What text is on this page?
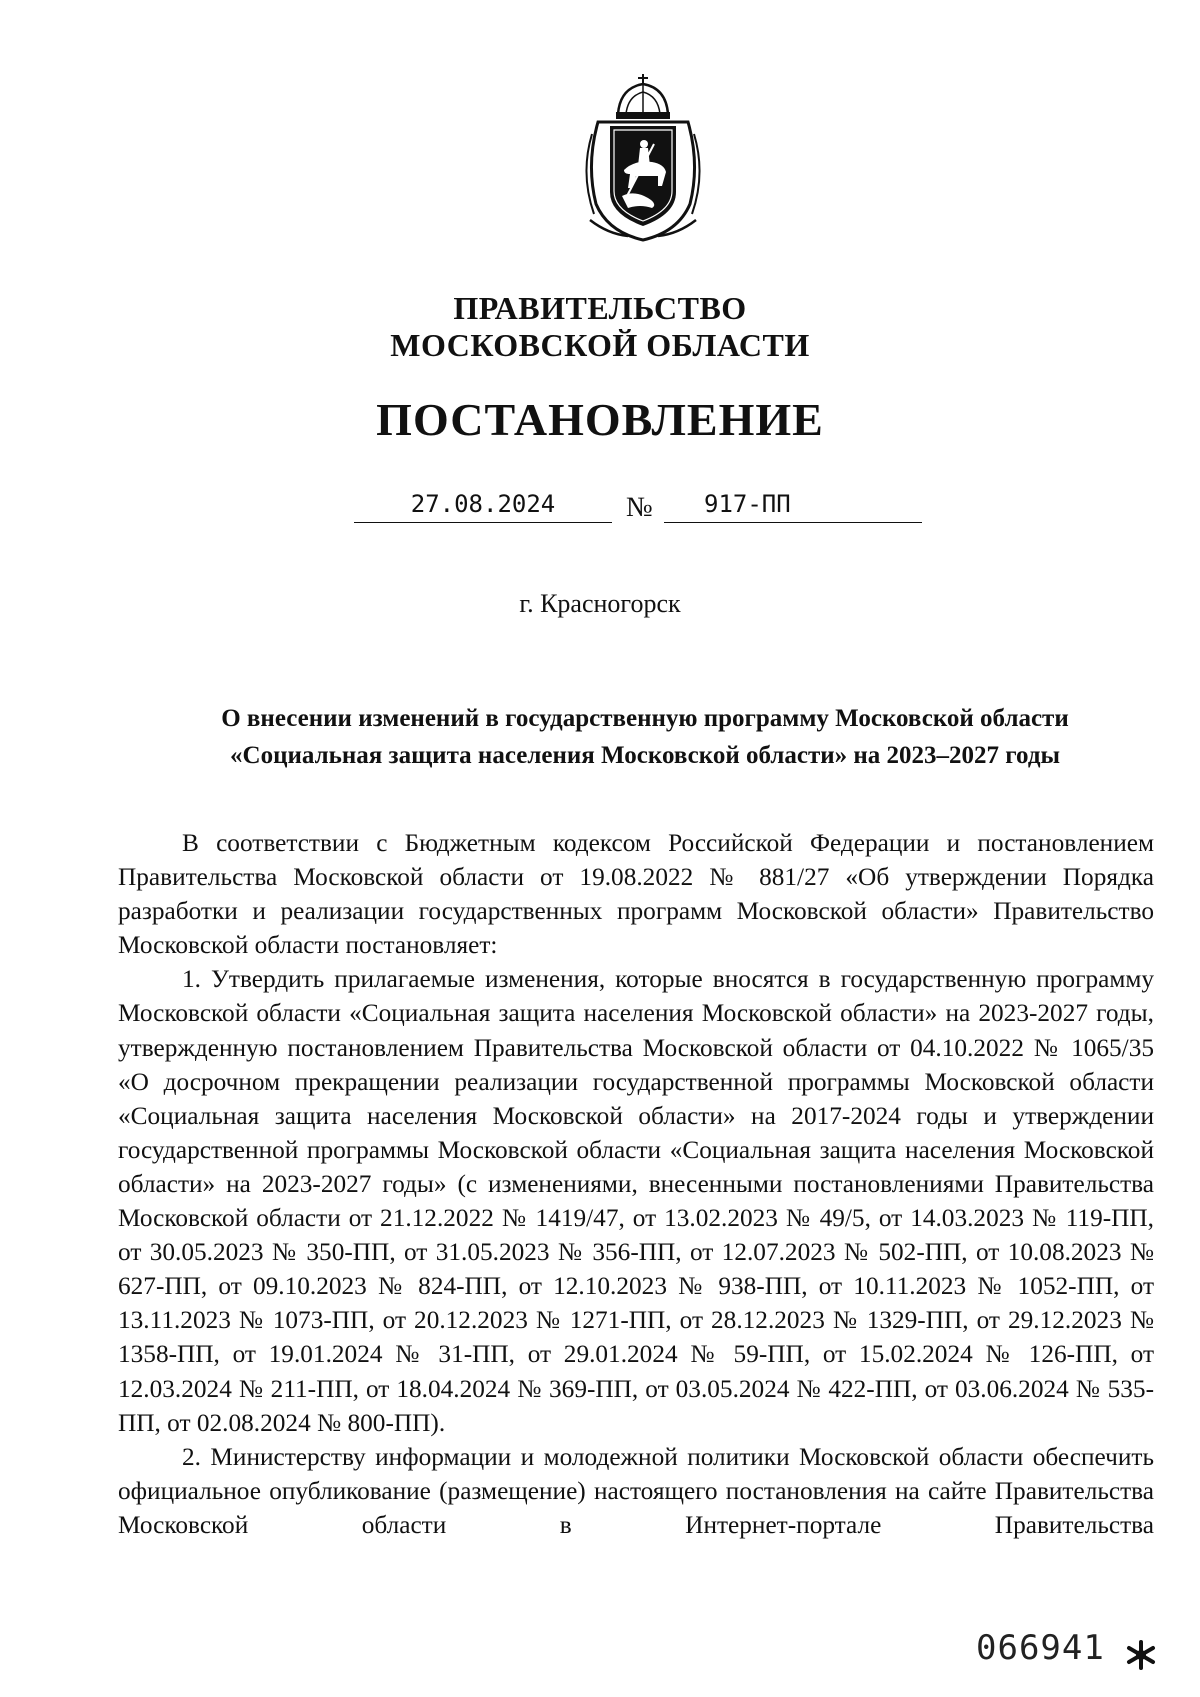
ПРАВИТЕЛЬСТВО
МОСКОВСКОЙ ОБЛАСТИ
ПОСТАНОВЛЕНИЕ
27.08.2024	№	917-ПП
г. Красногорск
О внесении изменений в государственную программу Московской области
«Социальная защита населения Московской области» на 2023–2027 годы

В соответствии с Бюджетным кодексом Российской Федерации и постановлением Правительства Московской области от 19.08.2022 № 881/27 «Об утверждении Порядка разработки и реализации государственных программ Московской области» Правительство Московской области постановляет:

1. Утвердить прилагаемые изменения, которые вносятся в государственную программу Московской области «Социальная защита населения Московской области» на 2023-2027 годы, утвержденную постановлением Правительства Московской области от 04.10.2022 № 1065/35 «О досрочном прекращении реализации государственной программы Московской области «Социальная защита населения Московской области» на 2017-2024 годы и утверждении государственной программы Московской области «Социальная защита населения Московской области» на 2023-2027 годы» (с изменениями, внесенными постановлениями Правительства Московской области от 21.12.2022 № 1419/47, от 13.02.2023 № 49/5, от 14.03.2023 № 119-ПП, от 30.05.2023 № 350-ПП, от 31.05.2023 № 356-ПП, от 12.07.2023 № 502-ПП, от 10.08.2023 № 627-ПП, от 09.10.2023 № 824-ПП, от 12.10.2023 № 938-ПП, от 10.11.2023 № 1052-ПП, от 13.11.2023 № 1073-ПП, от 20.12.2023 № 1271-ПП, от 28.12.2023 № 1329-ПП, от 29.12.2023 № 1358-ПП, от 19.01.2024 № 31-ПП, от 29.01.2024 № 59-ПП, от 15.02.2024 № 126-ПП, от 12.03.2024 № 211-ПП, от 18.04.2024 № 369-ПП, от 03.05.2024 № 422-ПП, от 03.06.2024 № 535-ПП, от 02.08.2024 № 800-ПП).

2. Министерству информации и молодежной политики Московской области обеспечить официальное опубликование (размещение) настоящего постановления на сайте Правительства Московской области в Интернет-портале Правительства

066941
